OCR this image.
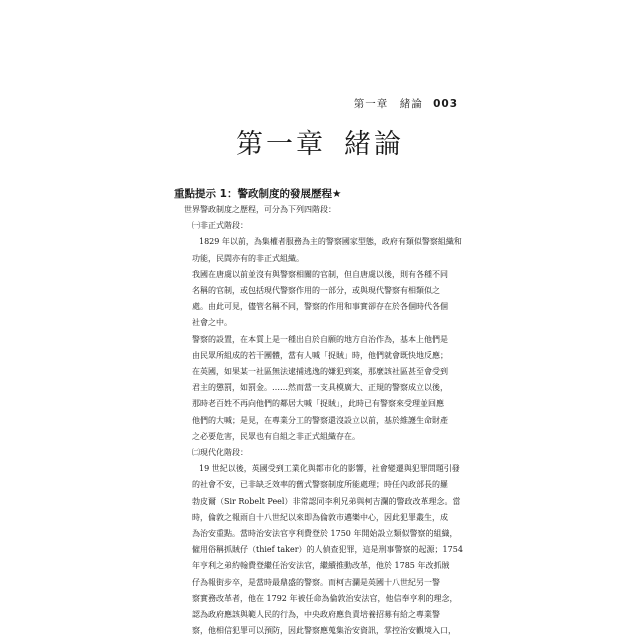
第一章　緒論 003
第一章 緒論
重點提示 1：警政制度的發展歷程★
世界警政制度之歷程，可分為下列四階段：
㈠非正式階段：
1829 年以前，為集權者服務為主的警察國家型態，政府有類似警察組織和
功能，民間亦有的非正式組織。
我國在唐虞以前並沒有與警察相關的官制，但自唐虞以後，則有各種不同
名稱的官制，或包括現代警察作用的一部分，或與現代警察有相類似之
處。由此可見，儘管名稱不同，警察的作用和事實卻存在於各個時代各個
社會之中。
警察的設置，在本質上是一種出自於自願的地方自治作為，基本上他們是
由民眾所組成的若干團體，當有人喊「捉賊」時，他們就會既快地反應；
在英國，如果某一社區無法逮捕逃逸的嫌犯到案，那麼該社區甚至會受到
君主的懲罰，如罰金。……然而當一支具模廣大、正規的警察成立以後，
那時老百姓不再向他們的鄰居大喊「捉賊」，此時已有警察來受理並回應
他們的大喊；是見，在專業分工的警察還沒設立以前，基於維護生命財產
之必要危害，民眾也有自組之非正式組織存在。
㈡現代化階段：
19 世紀以後，英國受到工業化與都市化的影響，社會變遷與犯罪問題引發
的社會不安，已非缺乏效率的舊式警察制度所能處理；時任內政部長的羅
勃皮爾（Sir Robelt Peel）非常認同李利兄弟與柯吉瀾的警政改革理念。當
時，倫敦之報雨自十八世紀以來即為倫敦市邁樂中心，因此犯罪叢生，成
為治安重點。當時治安法官亨利費登於 1750 年開始設立類似警察的組織，
僱用俗稱抓賊仔（thief taker）的人偵查犯罪，這是刑事警察的起源；1754
年亨利之弟約翰費登繼任治安法官，繼續推動改革，他於 1785 年改抓賊
仔為報街步卒，是當時最鼎盛的警察。而柯吉瀾是英國十八世紀另一警
察實務改革者，他在 1792 年被任命為倫敦治安法官，他信奉亨利的理念，
認為政府應該與範人民的行為，中央政府應負責培養招募有給之專業警
察，他相信犯罪可以預防，因此警察應蒐集治安資訊，掌控治安觀境入口，
